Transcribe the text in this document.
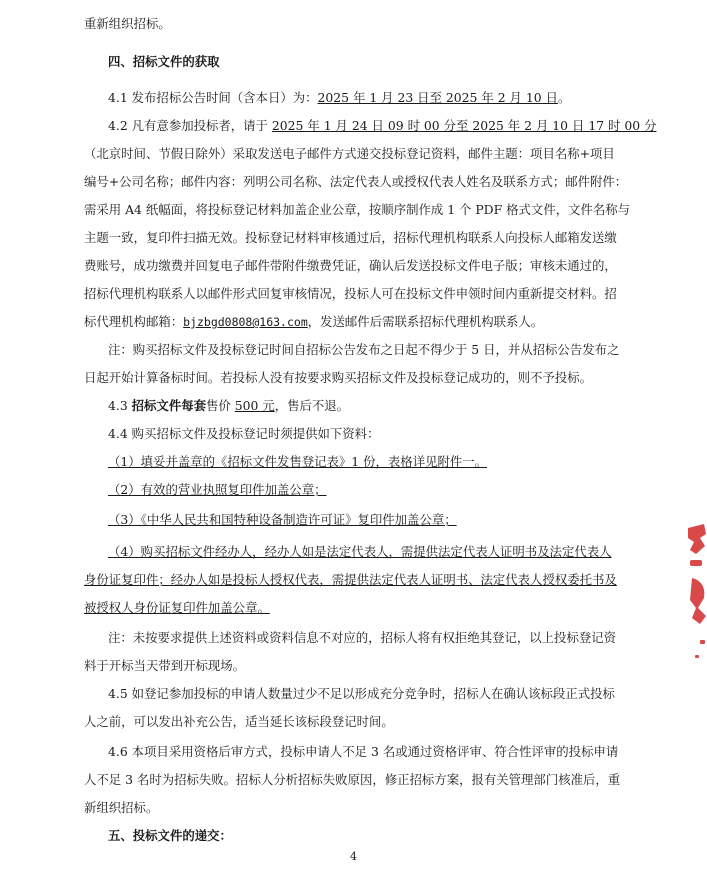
重新组织招标。
四、招标文件的获取
4.1 发布招标公告时间（含本日）为：2025 年 1 月 23 日至 2025 年 2 月 10 日。
4.2 凡有意参加投标者，请于 2025 年 1 月 24 日 09 时 00 分至 2025 年 2 月 10 日 17 时 00 分
（北京时间、节假日除外）采取发送电子邮件方式递交投标登记资料，邮件主题：项目名称+项目
编号+公司名称；邮件内容：列明公司名称、法定代表人或授权代表人姓名及联系方式；邮件附件：
需采用 A4 纸幅面，将投标登记材料加盖企业公章，按顺序制作成 1 个 PDF 格式文件，文件名称与
主题一致，复印件扫描无效。投标登记材料审核通过后，招标代理机构联系人向投标人邮箱发送缴
费账号，成功缴费并回复电子邮件带附件缴费凭证，确认后发送投标文件电子版；审核未通过的，
招标代理机构联系人以邮件形式回复审核情况，投标人可在投标文件申领时间内重新提交材料。招
标代理机构邮箱：bjzbgd0808@163.com，发送邮件后需联系招标代理机构联系人。
注：购买招标文件及投标登记时间自招标公告发布之日起不得少于 5 日，并从招标公告发布之
日起开始计算备标时间。若投标人没有按要求购买招标文件及投标登记成功的，则不予投标。
4.3 招标文件每套售价 500 元，售后不退。
4.4 购买招标文件及投标登记时须提供如下资料：
（1）填妥并盖章的《招标文件发售登记表》1 份，表格详见附件一。
（2）有效的营业执照复印件加盖公章；
（3）《中华人民共和国特种设备制造许可证》复印件加盖公章；
（4）购买招标文件经办人，经办人如是法定代表人，需提供法定代表人证明书及法定代表人
身份证复印件；经办人如是投标人授权代表，需提供法定代表人证明书、法定代表人授权委托书及
被授权人身份证复印件加盖公章。
注：未按要求提供上述资料或资料信息不对应的，招标人将有权拒绝其登记，以上投标登记资
料于开标当天带到开标现场。
4.5 如登记参加投标的申请人数量过少不足以形成充分竞争时，招标人在确认该标段正式投标
人之前，可以发出补充公告，适当延长该标段登记时间。
4.6 本项目采用资格后审方式，投标申请人不足 3 名或通过资格评审、符合性评审的投标申请
人不足 3 名时为招标失败。招标人分析招标失败原因，修正招标方案，报有关管理部门核准后，重
新组织招标。
五、投标文件的递交：
4
